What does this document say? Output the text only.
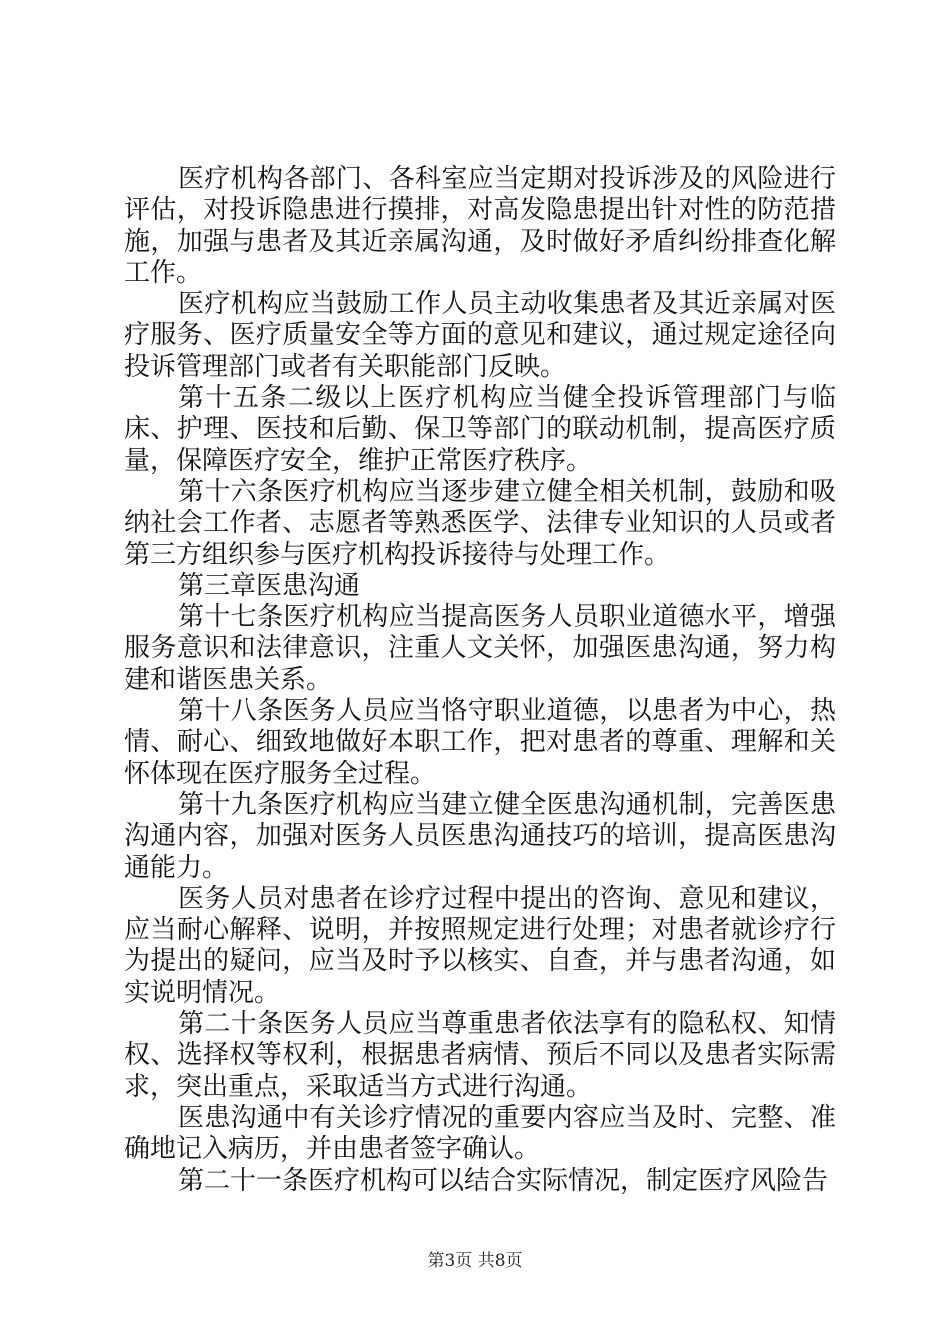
医疗机构各部门、各科室应当定期对投诉涉及的风险进行评估，对投诉隐患进行摸排，对高发隐患提出针对性的防范措施，加强与患者及其近亲属沟通，及时做好矛盾纠纷排查化解工作。

医疗机构应当鼓励工作人员主动收集患者及其近亲属对医疗服务、医疗质量安全等方面的意见和建议，通过规定途径向投诉管理部门或者有关职能部门反映。

第十五条二级以上医疗机构应当健全投诉管理部门与临床、护理、医技和后勤、保卫等部门的联动机制，提高医疗质量，保障医疗安全，维护正常医疗秩序。

第十六条医疗机构应当逐步建立健全相关机制，鼓励和吸纳社会工作者、志愿者等熟悉医学、法律专业知识的人员或者第三方组织参与医疗机构投诉接待与处理工作。

第三章医患沟通

第十七条医疗机构应当提高医务人员职业道德水平，增强服务意识和法律意识，注重人文关怀，加强医患沟通，努力构建和谐医患关系。

第十八条医务人员应当恪守职业道德，以患者为中心，热情、耐心、细致地做好本职工作，把对患者的尊重、理解和关怀体现在医疗服务全过程。

第十九条医疗机构应当建立健全医患沟通机制，完善医患沟通内容，加强对医务人员医患沟通技巧的培训，提高医患沟通能力。

医务人员对患者在诊疗过程中提出的咨询、意见和建议，应当耐心解释、说明，并按照规定进行处理；对患者就诊疗行为提出的疑问，应当及时予以核实、自查，并与患者沟通，如实说明情况。

第二十条医务人员应当尊重患者依法享有的隐私权、知情权、选择权等权利，根据患者病情、预后不同以及患者实际需求，突出重点，采取适当方式进行沟通。

医患沟通中有关诊疗情况的重要内容应当及时、完整、准确地记入病历，并由患者签字确认。

第二十一条医疗机构可以结合实际情况，制定医疗风险告

第3页 共8页
